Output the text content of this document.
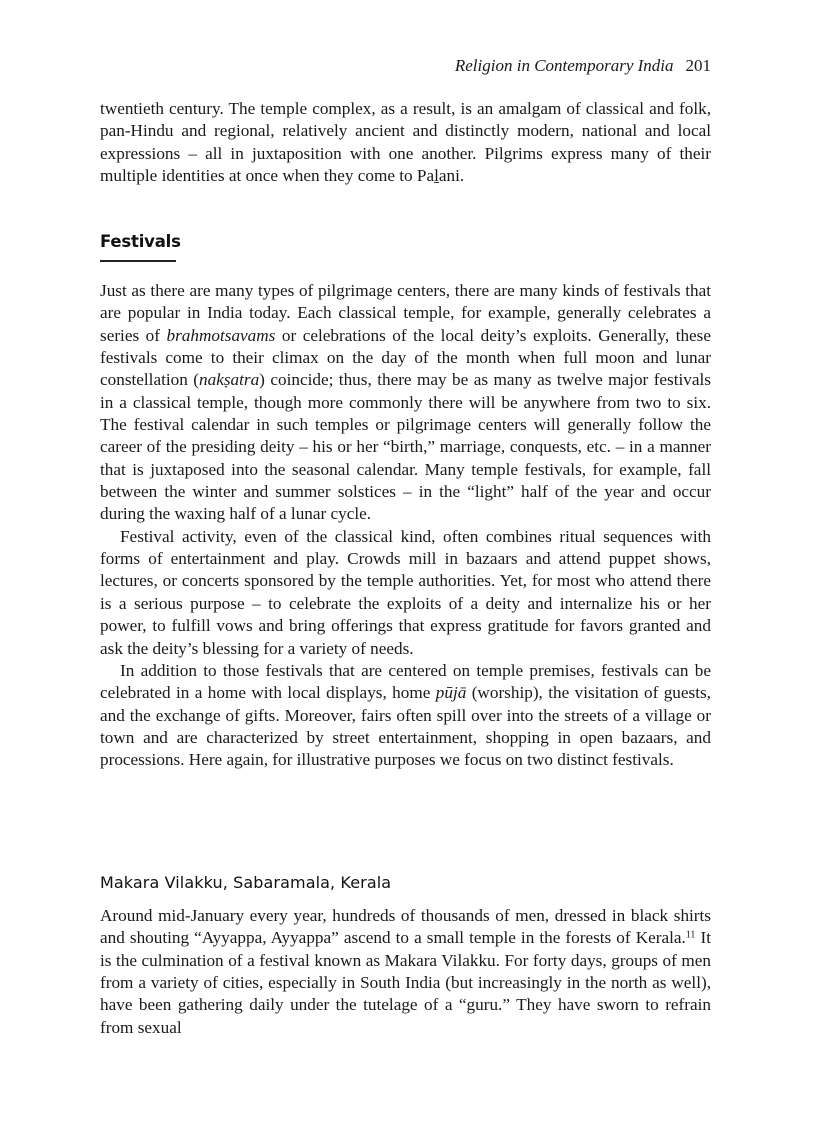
Religion in Contemporary India 201

twentieth century. The temple complex, as a result, is an amalgam of classical and folk, pan-Hindu and regional, relatively ancient and distinctly modern, national and local expressions – all in juxtaposition with one another. Pilgrims express many of their multiple identities at once when they come to Paḻani.

Festivals

Just as there are many types of pilgrimage centers, there are many kinds of festivals that are popular in India today. Each classical temple, for example, generally celebrates a series of brahmotsavams or celebrations of the local deity’s exploits. Generally, these festivals come to their climax on the day of the month when full moon and lunar constellation (nakṣatra) coincide; thus, there may be as many as twelve major festivals in a classical temple, though more commonly there will be anywhere from two to six. The festival calendar in such temples or pilgrimage centers will generally follow the career of the presiding deity – his or her “birth,” marriage, conquests, etc. – in a manner that is juxtaposed into the seasonal calendar. Many temple festivals, for example, fall between the winter and summer solstices – in the “light” half of the year and occur during the waxing half of a lunar cycle.

Festival activity, even of the classical kind, often combines ritual sequences with forms of entertainment and play. Crowds mill in bazaars and attend puppet shows, lectures, or concerts sponsored by the temple authorities. Yet, for most who attend there is a serious purpose – to celebrate the exploits of a deity and internalize his or her power, to fulfill vows and bring offerings that express gratitude for favors granted and ask the deity’s blessing for a variety of needs.

In addition to those festivals that are centered on temple premises, festivals can be celebrated in a home with local displays, home pūjā (worship), the visitation of guests, and the exchange of gifts. Moreover, fairs often spill over into the streets of a village or town and are characterized by street entertainment, shopping in open bazaars, and processions. Here again, for illustrative purposes we focus on two distinct festivals.

Makara Vilakku, Sabaramala, Kerala

Around mid-January every year, hundreds of thousands of men, dressed in black shirts and shouting “Ayyappa, Ayyappa” ascend to a small temple in the forests of Kerala.$^{11}$ It is the culmination of a festival known as Makara Vilakku. For forty days, groups of men from a variety of cities, especially in South India (but increasingly in the north as well), have been gathering daily under the tutelage of a “guru.” They have sworn to refrain from sexual
